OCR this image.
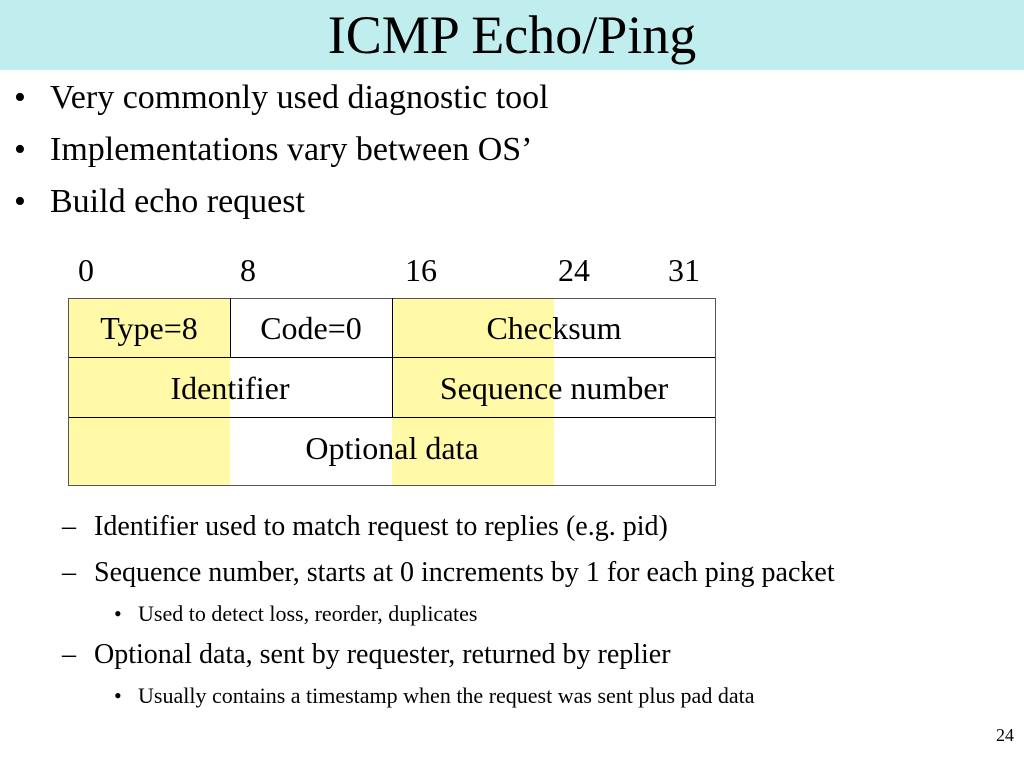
ICMP Echo/Ping
• Very commonly used diagnostic tool
• Implementations vary between OS’
• Build echo request
0	8	16	24 31
Type=8	Code=0	Checksum
Identifier	Sequence number
Optional data
– Identifier used to match request to replies (e.g. pid)
– Sequence number, starts at 0 increments by 1 for each ping packet
• Used to detect loss, reorder, duplicates
– Optional data, sent by requester, returned by replier
• Usually contains a timestamp when the request was sent plus pad data
24
